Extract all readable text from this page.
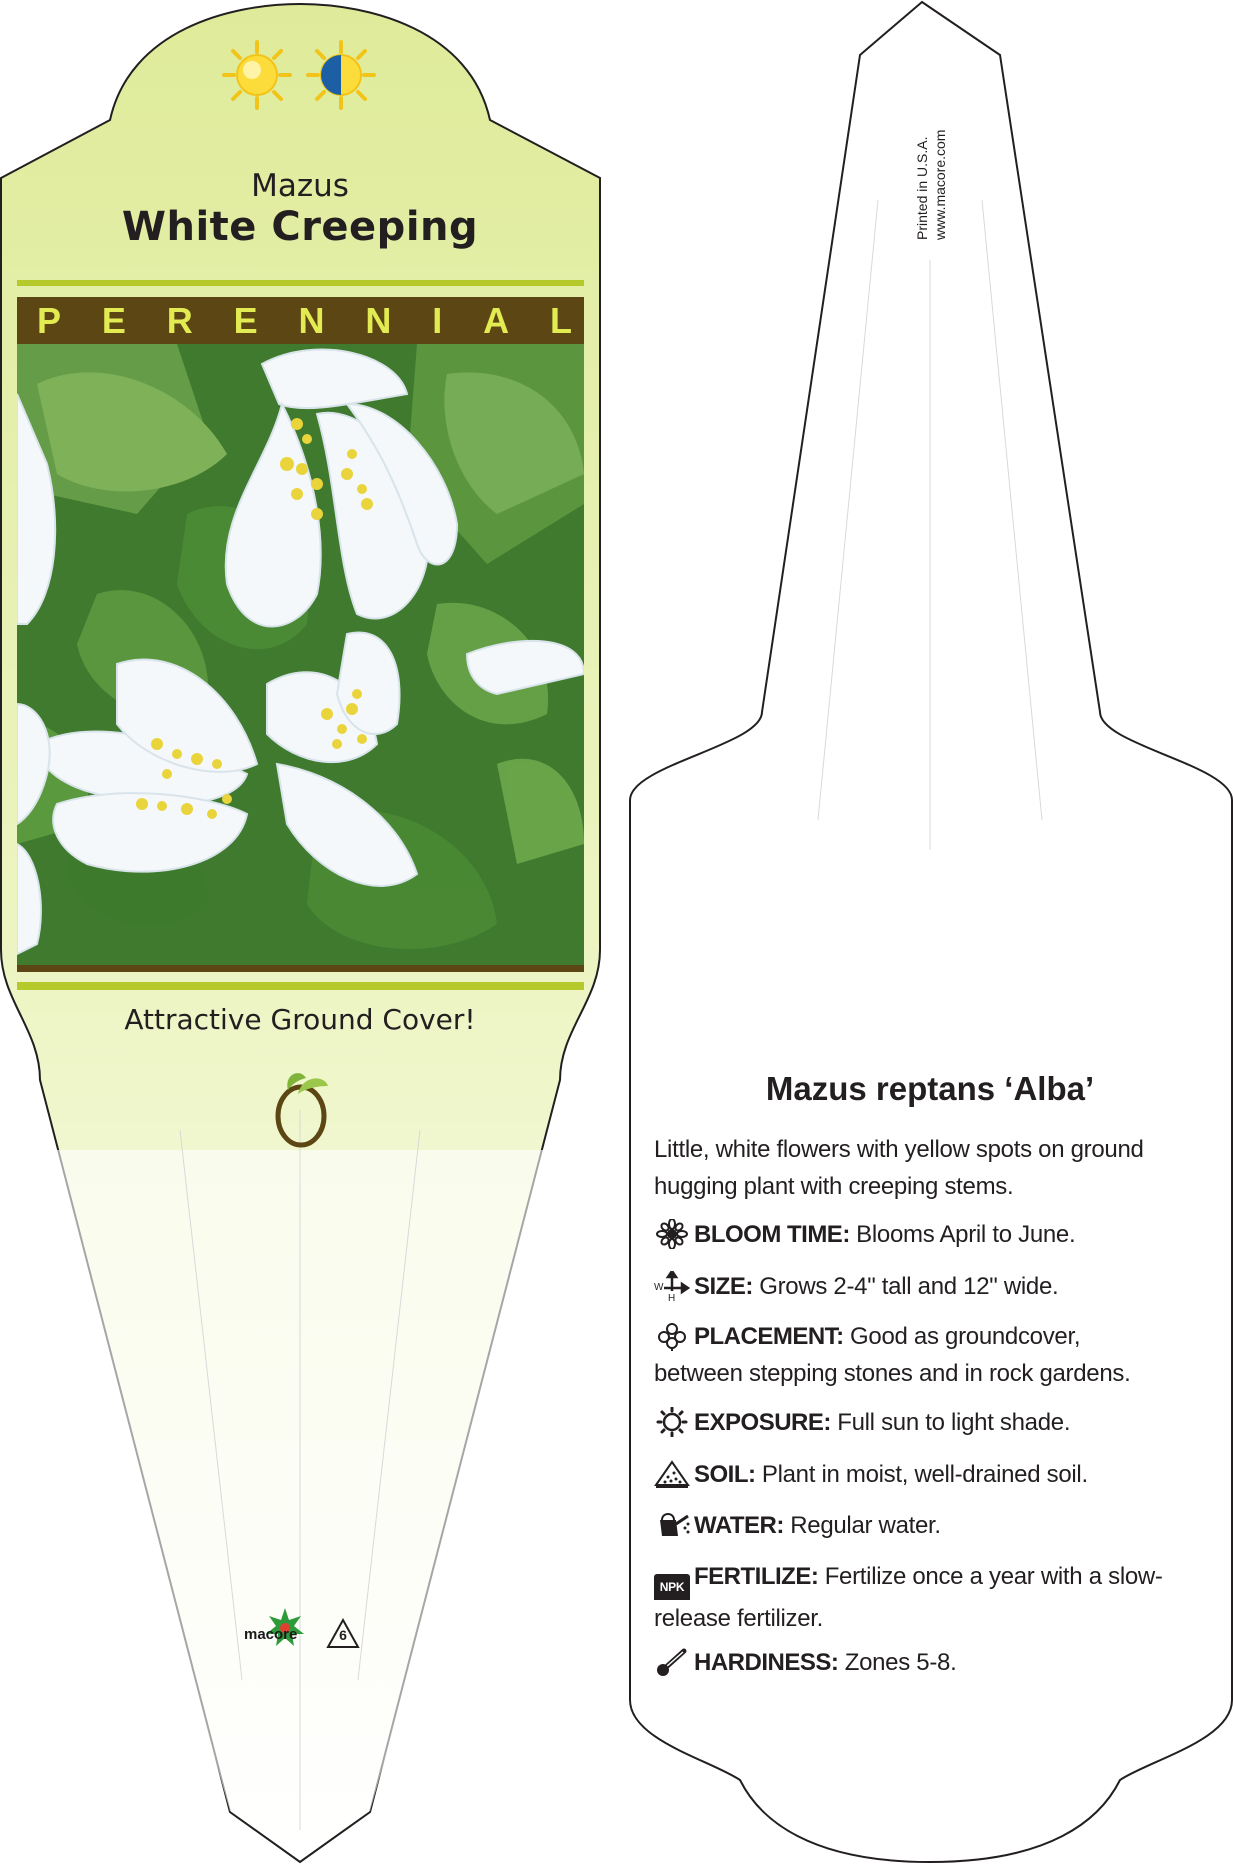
Mazus
White Creeping
P E R E N N I A L
Attractive Ground Cover!
macore	6
Printed in U.S.A. www.macore.com
Mazus reptans ‘Alba’
Little, white flowers with yellow spots on ground hugging plant with creeping stems.
BLOOM TIME: Blooms April to June.
W
H SIZE: Grows 2-4" tall and 12" wide.
PLACEMENT: Good as groundcover, between stepping stones and in rock gardens.
EXPOSURE: Full sun to light shade.
SOIL: Plant in moist, well-drained soil.
WATER: Regular water.
NPK FERTILIZE: Fertilize once a year with a slow-release fertilizer.
HARDINESS: Zones 5-8.
